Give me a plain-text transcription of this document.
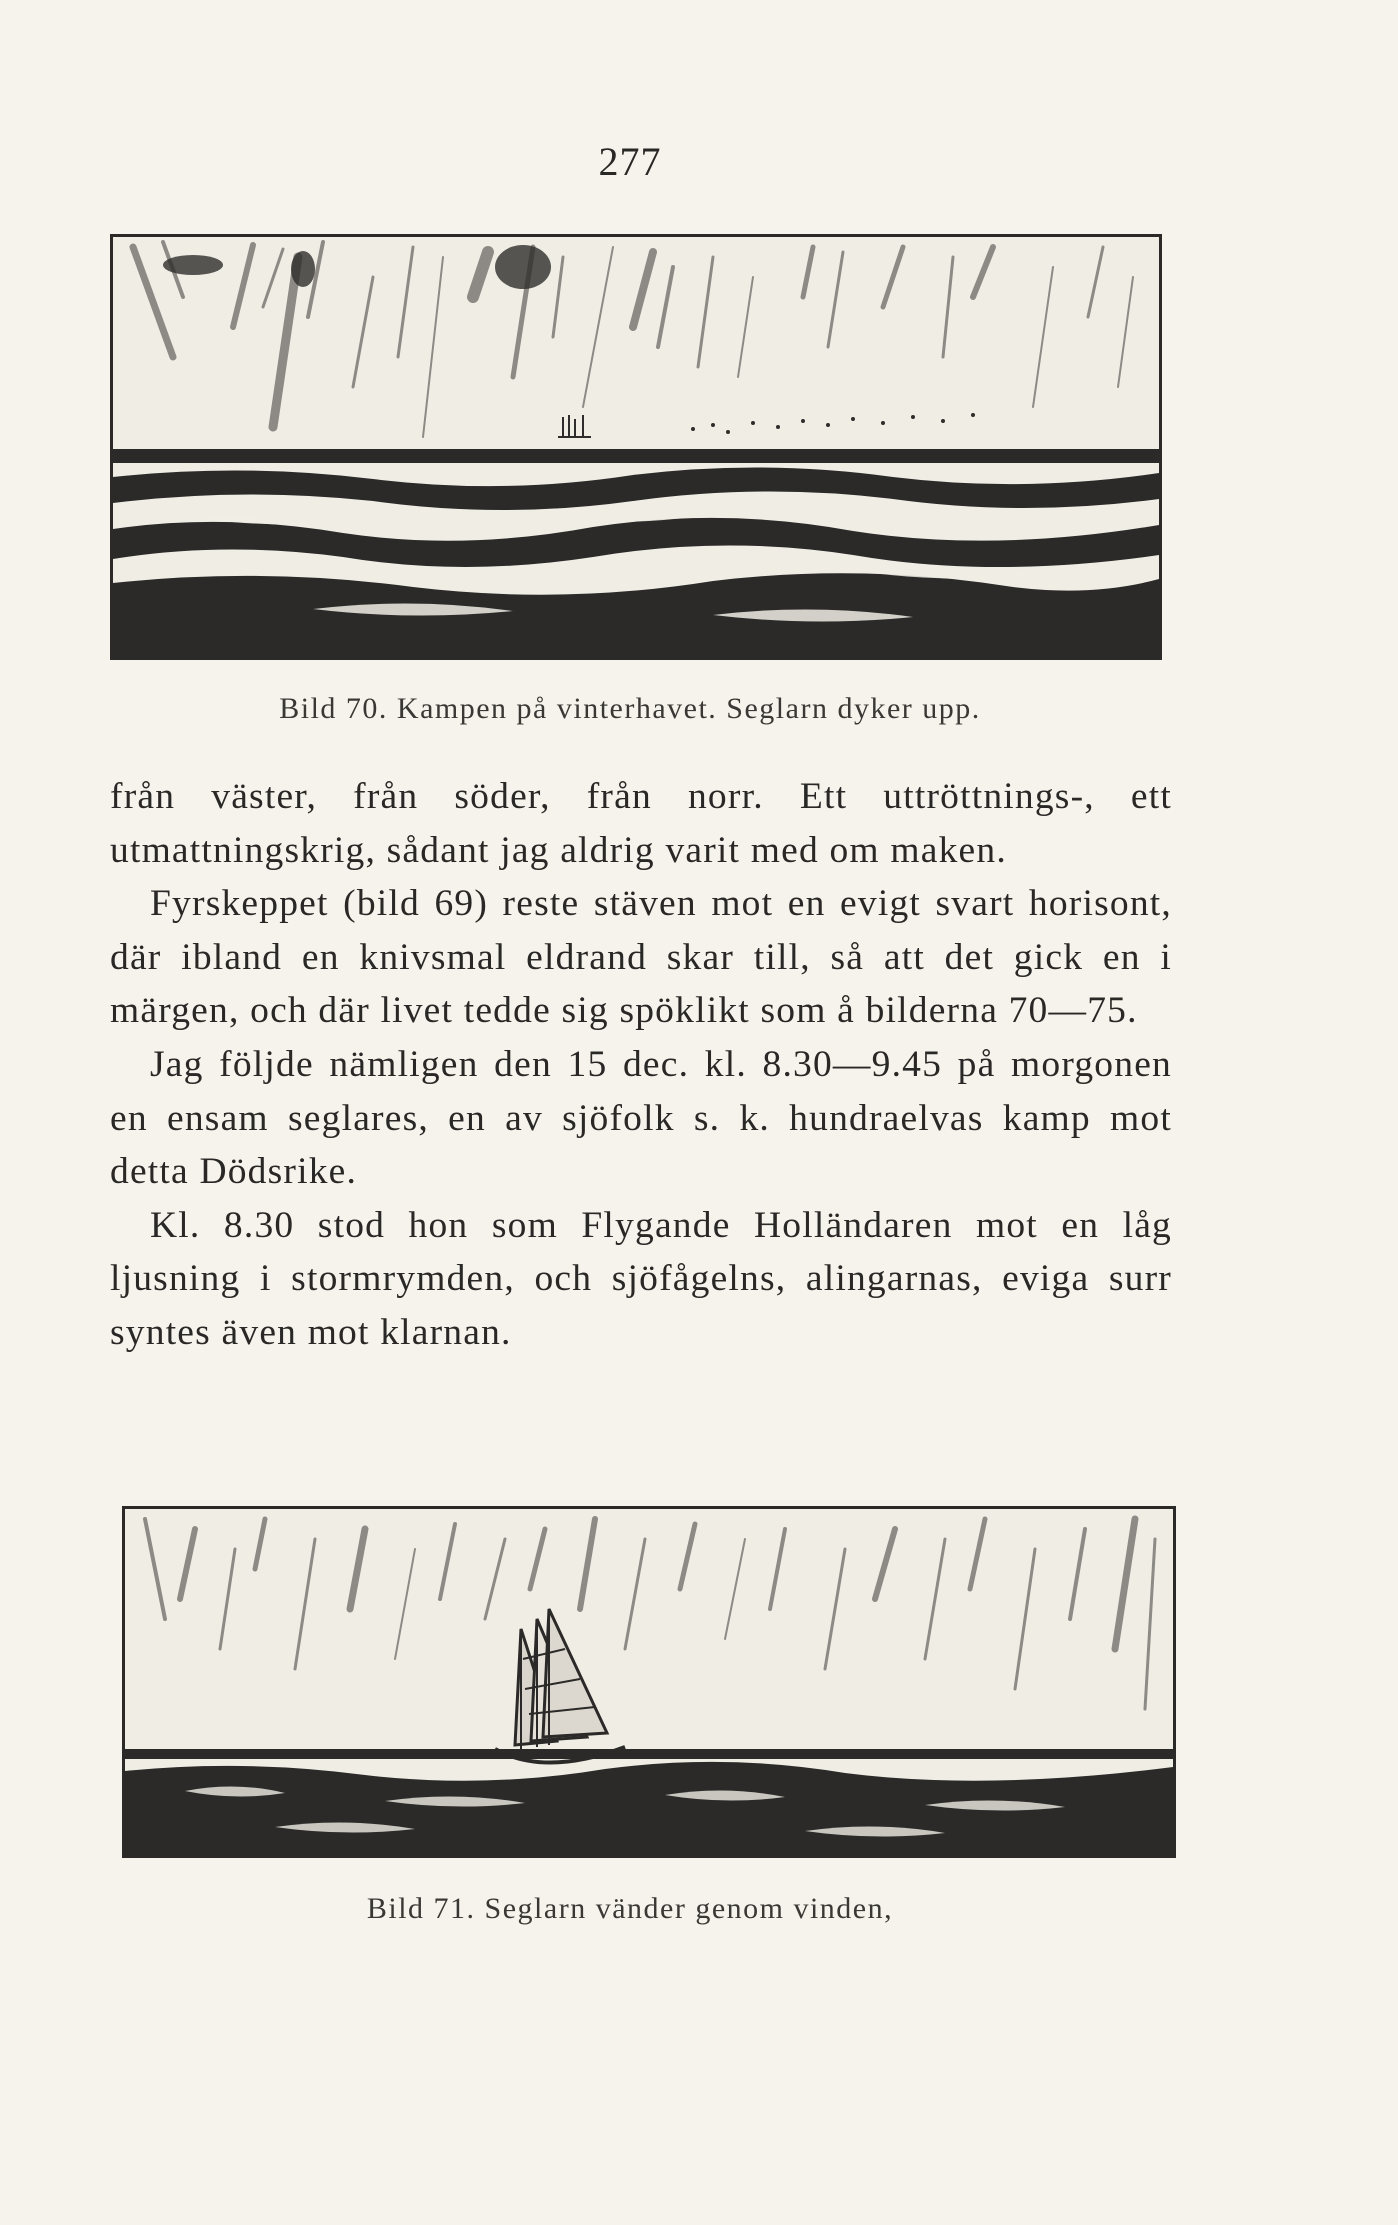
277
Bild 70. Kampen på vinterhavet. Seglarn dyker upp.

från väster, från söder, från norr. Ett uttröttnings-, ett utmattningskrig, sådant jag aldrig varit med om maken.

Fyrskeppet (bild 69) reste stäven mot en evigt svart horisont, där ibland en knivsmal eldrand skar till, så att det gick en i märgen, och där livet tedde sig spöklikt som å bilderna 70—75.

Jag följde nämligen den 15 dec. kl. 8.30—9.45 på morgonen en ensam seglares, en av sjöfolk s. k. hundraelvas kamp mot detta Dödsrike.

Kl. 8.30 stod hon som Flygande Holländaren mot en låg ljusning i stormrymden, och sjöfågelns, alingarnas, eviga surr syntes även mot klarnan.

Bild 71. Seglarn vänder genom vinden,
